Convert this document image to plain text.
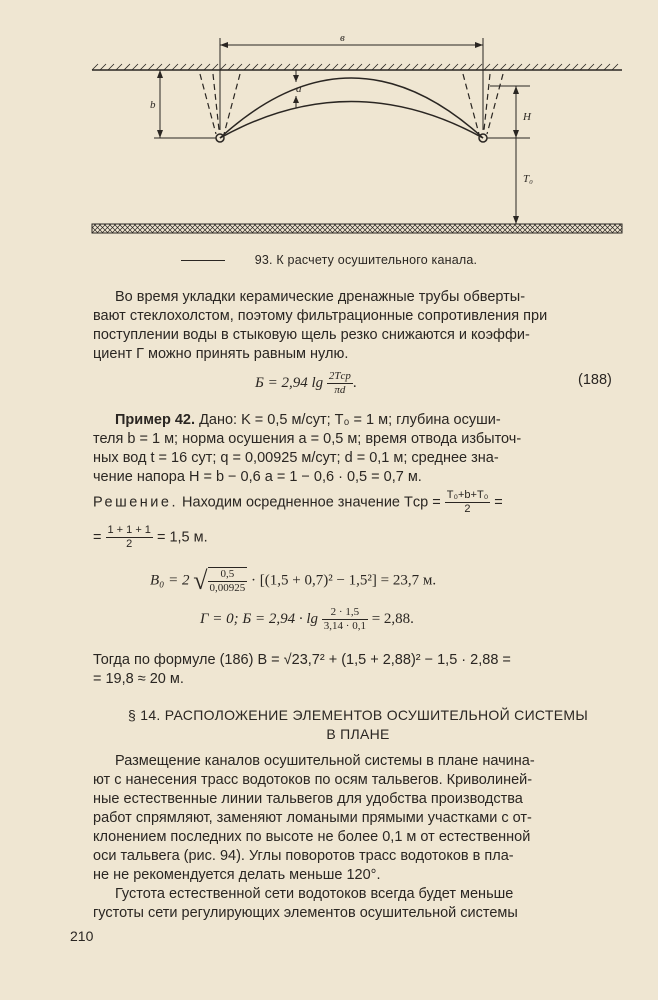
в
a
b
H
T₀
93. К расчету осушительного канала.
Во время укладки керамические дренажные трубы обверты-
вают стеклохолстом, поэтому фильтрационные сопротивления при
поступлении воды в стыковую щель резко снижаются и коэффи-
циент Г можно принять равным нулю.
Б = 2,94 $\lg \frac{\text{2Tср}}{\pi d}$ .	(188)
Пример 42. Дано: K = 0,5 м/сут; T₀ = 1 м; глубина осуши-
теля b = 1 м; норма осушения a = 0,5 м; время отвода избыточ-
ных вод t = 16 сут; q = 0,00925 м/сут; d = 0,1 м; среднее зна-
чение напора H = b − 0,6 a = 1 − 0,6 · 0,5 = 0,7 м.
Решение. Находим осредненное значение Tср = $\frac{\text{T₀+b+T₀}}{2}$ =
= $\frac{1 + 1 + 1}{2} = 1,5$ м.
B₀ = 2 √ $\frac{0,5}{0,00925} \cdot [(1,5 + 0,7)^2 - 1,5^2] = 23,7$ м.
Г = 0; $Б = 2,94 \cdot \lg \frac{2 \cdot 1,5}{3,14 \cdot 0,1} = 2,88$.
Тогда по формуле (186) B = √23,7² + (1,5 + 2,88)² − 1,5 · 2,88 =
= 19,8 ≈ 20 м.
§ 14. РАСПОЛОЖЕНИЕ ЭЛЕМЕНТОВ ОСУШИТЕЛЬНОЙ СИСТЕМЫ
В ПЛАНЕ
Размещение каналов осушительной системы в плане начина-
ют с нанесения трасс водотоков по осям тальвегов. Криволиней-
ные естественные линии тальвегов для удобства производства
работ спрямляют, заменяют ломаными прямыми участками с от-
клонением последних по высоте не более 0,1 м от естественной
оси тальвега (рис. 94). Углы поворотов трасс водотоков в пла-
не не рекомендуется делать меньше 120°.
Густота естественной сети водотоков всегда будет меньше
густоты сети регулирующих элементов осушительной системы
210
